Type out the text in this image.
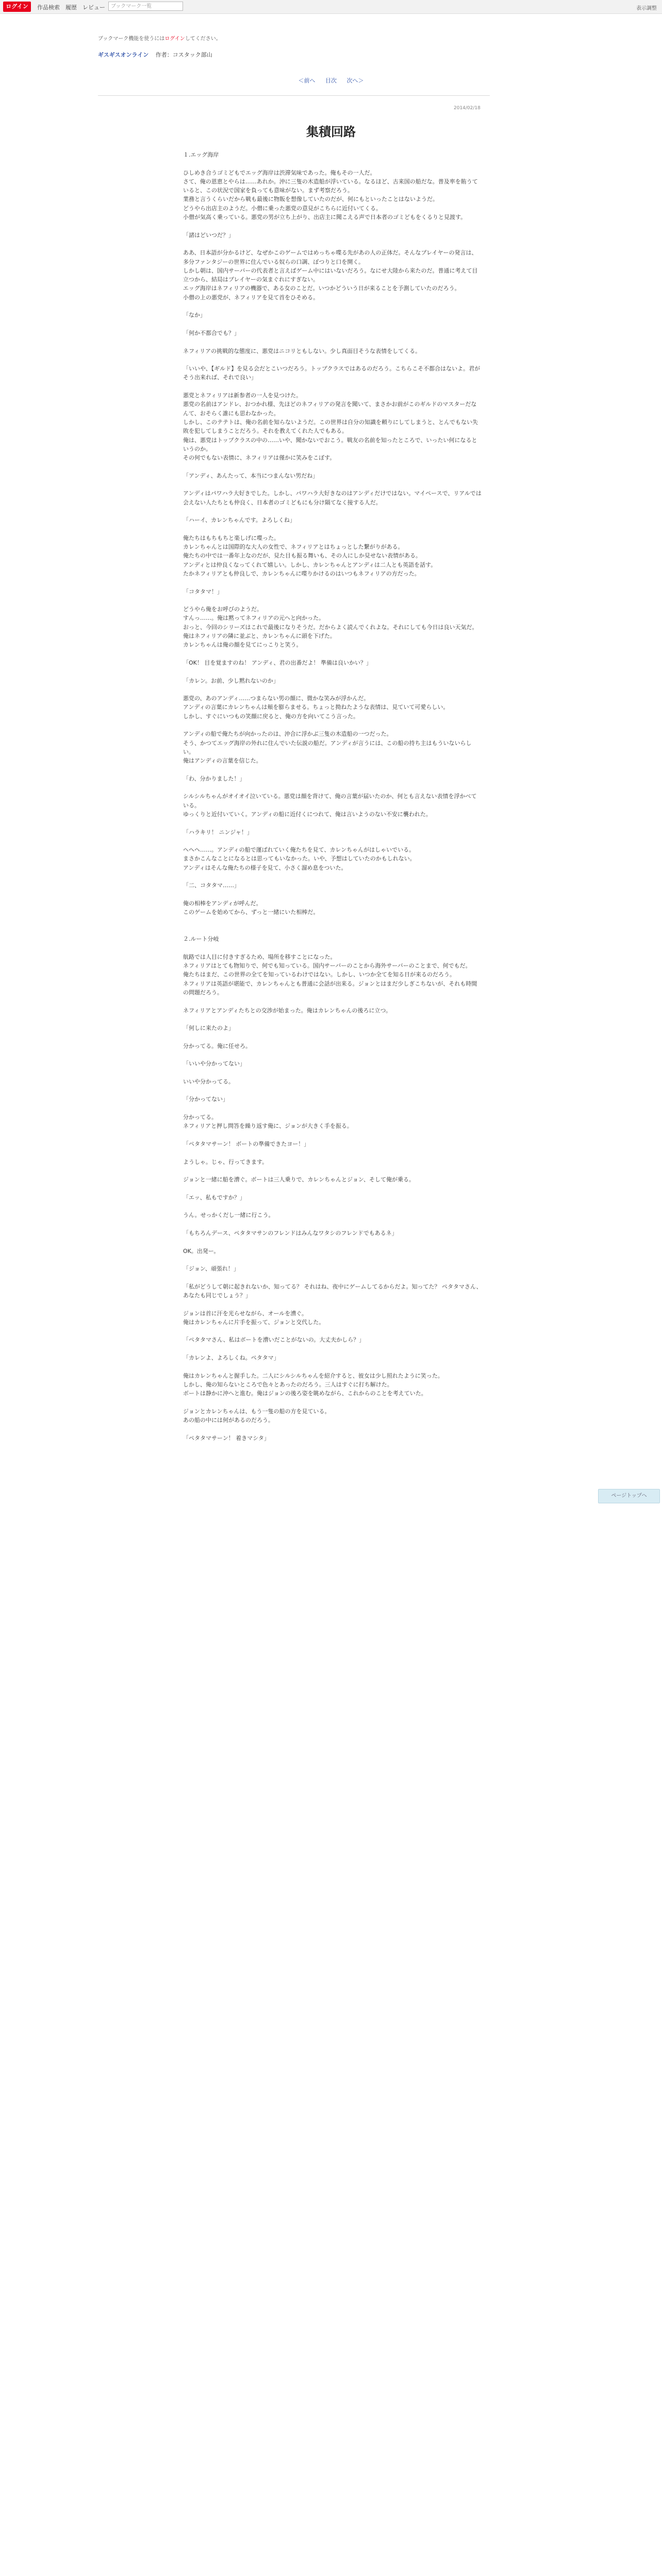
ログイン	作品検索 履歴 レビュー	ブックマーク一覧	表示調整
ブックマーク機能を使うにはログインしてください。
ギスギスオンライン 作者：コスタック部山
＜前へ 目次 次へ＞
2014/02/18
集積回路

１.エッグ海岸

ひしめき合うゴミどもでエッグ海岸は渋滞気味であった。俺もその一人だ。

さて、俺の恩恵とやらは……あれか。沖に三隻の木造船が浮いている。なるほど、古来国の船だな。普及率を賄うていると、この状況で国家を負っても意味がない。まず考察だろう。

業務と言うくらいだから戦も最後に物販を想像していたのだが、何にもといったことはないようだ。

どうやら出店主のようだ。小僧に乗った悪党の意見がこちらに近付いてくる。

小僧が気高く乗っている。悪党の男が立ち上がり、出店主に聞こえる声で日本者のゴミどもをくるりと見渡す。

「諸はどいつだ？」

ああ、日本語が分かるけど、なぜかこのゲームではめっちゃ喋る先があの人の正体だ。そんなプレイヤーの発言は、多分ファンタジーの世界に住んでいる奴らの口調、ぽつりと口を開く。

しかし朝は、国内サーバーの代表者と言えばゲーム中にはいないだろう。なにせ大陸から来たのだ。普通に考えて目立つから、結局はプレイヤーの気まぐれにすぎない。

エッグ海岸はネフィリアの機器で、ある女のことだ。いつかどういう日が来ることを予測していたのだろう。

小僧の上の悪党が、ネフィリアを見て首をひそめる。

「なか」

「何か不都合でも？」

ネフィリアの挑戦的な態度に、悪党はニコリともしない。少し真面目そうな表情をしてくる。

「いいや、【ギルド】を見る会だとこいつだろう。トップクラスではあるのだろう。こちらこそ不都合はないよ。君がそう出来れば、それで良い」

悪党とネフィリアは新参者の一人を見つけた。

悪党の名前はアンドレ、おつかれ様、先ほどのネフィリアの発言を聞いて、まさかお前がこのギルドのマスターだなんて、おそらく誰にも思わなかった。

しかし、このテテトは、俺の名前を知らないようだ。この世界は自分の知識を頼りにしてしまうと、とんでもない失敗を犯してしまうことだろう。それを教えてくれた人でもある。

俺は、悪党はトップクラスの中の……いや、聞かないでおこう。戦友の名前を知ったところで、いったい何になるというのか。

その何でもない表情に、ネフィリアは僅かに笑みをこぼす。

「アンディ、あんたって、本当につまんない男だね」

アンディはパワハラ大好きでした。しかし、パワハラ大好きなのはアンディだけではない。マイペースで、リアルでは会えない人たちとも仲良く、日本者のゴミどもにも分け隔てなく接する人だ。

「ハーイ、カレンちゃんです。よろしくね」

俺たちはもちもちと楽しげに喋った。

カレンちゃんとは国際的な大人の女性で、ネフィリアとはちょっとした繋がりがある。

俺たちの中では一番年上なのだが、見た目も振る舞いも、その人にしか見せない表情がある。

アンディとは仲良くなってくれて嬉しい。しかし、カレンちゃんとアンディは二人とも英語を話す。

たかネフィリアとも仲良しで、カレンちゃんに喋りかけるのはいつもネフィリアの方だった。

「コタタマ！」

どうやら俺をお呼びのようだ。

すんっ……。俺は黙ってネフィリアの元へと向かった。

おっと、今回のシリーズはこれで最後になりそうだ。だからよく読んでくれよな。それにしても今日は良い天気だ。

俺はネフィリアの隣に並ぶと、カレンちゃんに頭を下げた。

カレンちゃんは俺の顔を見てにっこりと笑う。

「OK！ 目を覚ますのね！ アンディ、君の出番だよ！ 準備は良いかい？」

「カレン。お前、少し黙れないのか」

悪党の、あのアンディ……つまらない男の顔に、微かな笑みが浮かんだ。

アンディの言葉にカレンちゃんは頬を膨らませる。ちょっと拗ねたような表情は、見ていて可愛らしい。

しかし、すぐにいつもの笑顔に戻ると、俺の方を向いてこう言った。

アンディの船で俺たちが向かったのは、沖合に浮かぶ三隻の木造船の一つだった。

そう、かつてエッグ海岸の外れに住んでいた伝説の船だ。アンディが言うには、この船の持ち主はもういないらしい。

俺はアンディの言葉を信じた。

「わ、分かりました！」

シルシルちゃんがオイオイ泣いている。悪党は顔を背けて、俺の言葉が届いたのか、何とも言えない表情を浮かべている。

ゆっくりと近付いていく。アンディの船に近付くにつれて、俺は言いようのない不安に襲われた。

「ハラキリ！ ニンジャ！」

ヘヘヘ……。アンディの船で運ばれていく俺たちを見て、カレンちゃんがはしゃいでいる。

まさかこんなことになるとは思ってもいなかった。いや、予想はしていたのかもしれない。

アンディはそんな俺たちの様子を見て、小さく溜め息をついた。

「二、コタタマ……」

俺の相棒をアンディが呼んだ。

このゲームを始めてから、ずっと一緒にいた相棒だ。

２.ルート分岐

航路では人目に付きすぎるため、場所を移すことになった。

ネフィリアはとても物知りで、何でも知っている。国内サーバーのことから海外サーバーのことまで、何でもだ。

俺たちはまだ、この世界の全てを知っているわけではない。しかし、いつか全てを知る日が来るのだろう。

ネフィリアは英語が堪能で、カレンちゃんとも普通に会話が出来る。ジョンとはまだ少しぎこちないが、それも時間の問題だろう。

ネフィリアとアンディたちとの交渉が始まった。俺はカレンちゃんの後ろに立つ。

「何しに来たのよ」

分かってる。俺に任せろ。

「いいや分かってない」

いいや分かってる。

「分かってない」

分かってる。

ネフィリアと押し問答を繰り返す俺に、ジョンが大きく手を振る。

「ペタタマサーン！ ボートの準備できたヨー！」

ようしゃ。じゃ、行ってきます。

ジョンと一緒に船を漕ぐ。ボートは三人乗りで、カレンちゃんとジョン、そして俺が乗る。

「エッ、私もですか？」

うん。せっかくだし一緒に行こう。

「もちろんデース、ペタタマサンのフレンドはみんなワタシのフレンドでもあるネ」

OK。出発ー。

「ジョン、頑張れ！」

「私がどうして朝に起きれないか、知ってる？ それはね、夜中にゲームしてるからだよ。知ってた？ ペタタマさん、あなたも同じでしょう？」

ジョンは首に汗を光らせながら、オールを漕ぐ。

俺はカレンちゃんに片手を振って、ジョンと交代した。

「ペタタマさん、私はボートを漕いだことがないの。大丈夫かしら？」

「カレンよ、よろしくね。ペタタマ」

俺はカレンちゃんと握手した。二人にシルシルちゃんを紹介すると、彼女は少し照れたように笑った。

しかし、俺の知らないところで色々とあったのだろう。三人はすぐに打ち解けた。

ボートは静かに沖へと進む。俺はジョンの後ろ姿を眺めながら、これからのことを考えていた。

ジョンとカレンちゃんは、もう一隻の船の方を見ている。

あの船の中には何があるのだろう。

「ペタタマサーン！ 着きマシタ」

ページトップへ
